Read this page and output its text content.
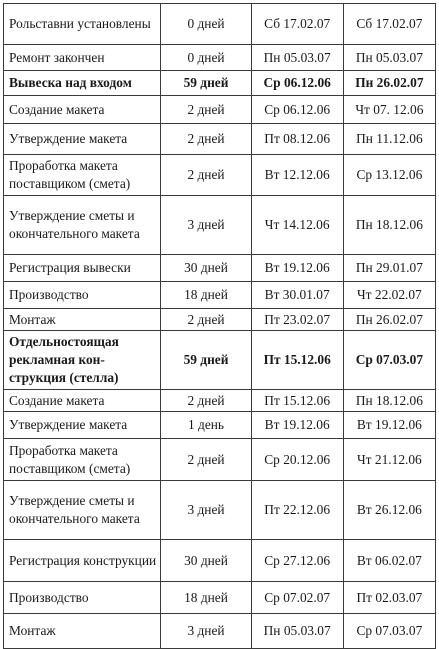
Рольставни установлены	0 дней	Сб 17.02.07	Сб 17.02.07
Ремонт закончен	0 дней	Пн 05.03.07	Пн 05.03.07
Вывеска над входом	59 дней	Ср 06.12.06	Пн 26.02.07
Создание макета	2 дней	Ср 06.12.06	Чт 07. 12.06
Утверждение макета	2 дней	Пт 08.12.06	Пн 11.12.06
Проработка макета поставщиком (смета)	2 дней	Вт 12.12.06	Ср 13.12.06
Утверждение сметы и окончательного макета	3 дней	Чт 14.12.06	Пн 18.12.06
Регистрация вывески	30 дней	Вт 19.12.06	Пн 29.01.07
Производство	18 дней	Вт 30.01.07	Чт 22.02.07
Монтаж	2 дней	Пт 23.02.07	Пн 26.02.07
Отдельностоящая рекламная кон-струкция (стелла)	59 дней	Пт 15.12.06	Ср 07.03.07
Создание макета	2 дней	Пт 15.12.06	Пн 18.12.06
Утверждение макета	1 день	Вт 19.12.06	Вт 19.12.06
Проработка макета поставщиком (смета)	2 дней	Ср 20.12.06	Чт 21.12.06
Утверждение сметы и окончательного макета	3 дней	Пт 22.12.06	Вт 26.12.06
Регистрация конструкции	30 дней	Ср 27.12.06	Вт 06.02.07
Производство	18 дней	Ср 07.02.07	Пт 02.03.07
Монтаж	3 дней	Пн 05.03.07	Ср 07.03.07
